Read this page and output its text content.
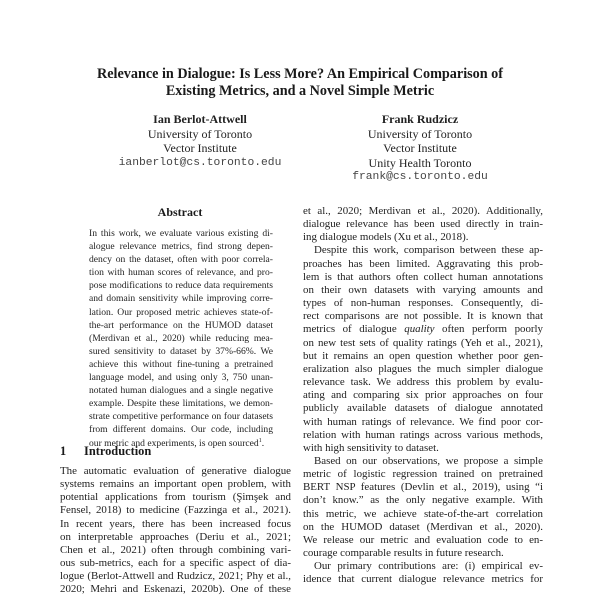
Relevance in Dialogue: Is Less More? An Empirical Comparison of
Existing Metrics, and a Novel Simple Metric
Ian Berlot-Attwell
University of Toronto
Vector Institute
ianberlot@cs.toronto.edu
Frank Rudzicz
University of Toronto
Vector Institute
Unity Health Toronto
frank@cs.toronto.edu
Abstract
In this work, we evaluate various existing di-
alogue relevance metrics, find strong depen-
dency on the dataset, often with poor correla-
tion with human scores of relevance, and pro-
pose modifications to reduce data requirements
and domain sensitivity while improving corre-
lation. Our proposed metric achieves state-of-
the-art performance on the HUMOD dataset
(Merdivan et al., 2020) while reducing mea-
sured sensitivity to dataset by 37%-66%. We
achieve this without fine-tuning a pretrained
language model, and using only 3, 750 unan-
notated human dialogues and a single negative
example. Despite these limitations, we demon-
strate competitive performance on four datasets
from different domains. Our code, including
our metric and experiments, is open sourced$^1$.
1 Introduction
The automatic evaluation of generative dialogue
systems remains an important open problem, with
potential applications from tourism (Şimşek and
Fensel, 2018) to medicine (Fazzinga et al., 2021).
In recent years, there has been increased focus
on interpretable approaches (Deriu et al., 2021;
Chen et al., 2021) often through combining vari-
ous sub-metrics, each for a specific aspect of dia-
logue (Berlot-Attwell and Rudzicz, 2021; Phy et al.,
2020; Mehri and Eskenazi, 2020b). One of these
et al., 2020; Merdivan et al., 2020). Additionally,
dialogue relevance has been used directly in train-
ing dialogue models (Xu et al., 2018).
Despite this work, comparison between these ap-
proaches has been limited. Aggravating this prob-
lem is that authors often collect human annotations
on their own datasets with varying amounts and
types of non-human responses. Consequently, di-
rect comparisons are not possible. It is known that
metrics of dialogue quality often perform poorly
on new test sets of quality ratings (Yeh et al., 2021),
but it remains an open question whether poor gen-
eralization also plagues the much simpler dialogue
relevance task. We address this problem by evalu-
ating and comparing six prior approaches on four
publicly available datasets of dialogue annotated
with human ratings of relevance. We find poor cor-
relation with human ratings across various methods,
with high sensitivity to dataset.
Based on our observations, we propose a simple
metric of logistic regression trained on pretrained
BERT NSP features (Devlin et al., 2019), using “i
don’t know.” as the only negative example. With
this metric, we achieve state-of-the-art correlation
on the HUMOD dataset (Merdivan et al., 2020).
We release our metric and evaluation code to en-
courage comparable results in future research.
Our primary contributions are: (i) empirical ev-
idence that current dialogue relevance metrics for
